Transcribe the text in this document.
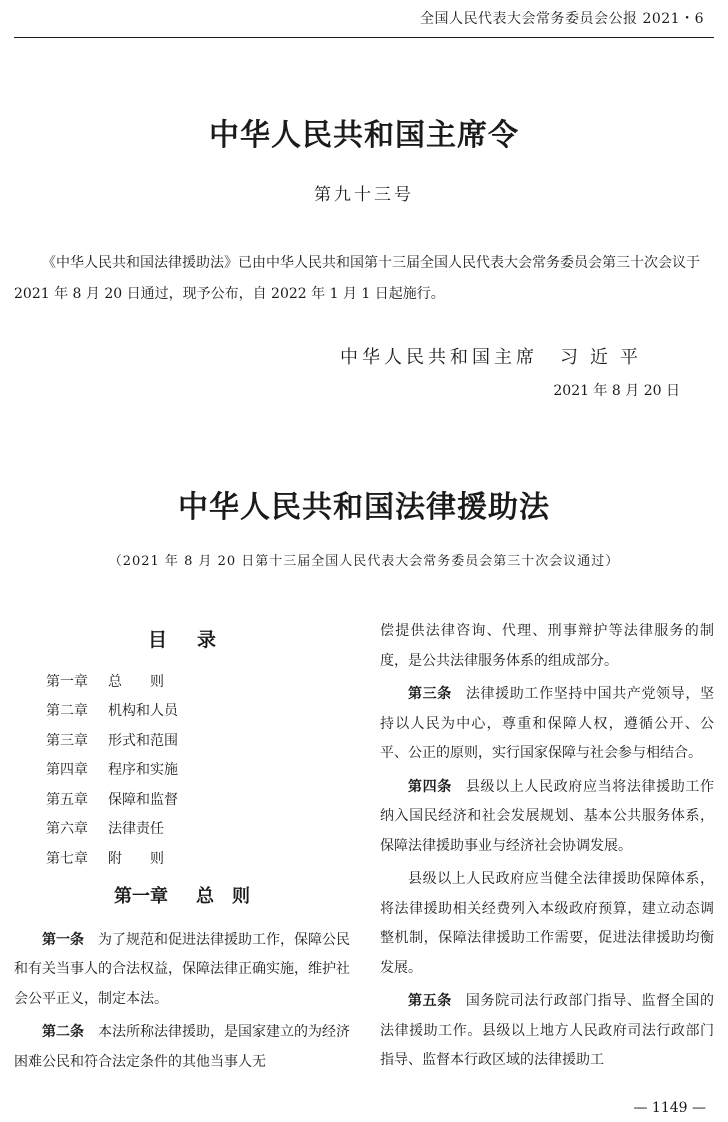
全国人民代表大会常务委员会公报 2021・6
中华人民共和国主席令
第九十三号

《中华人民共和国法律援助法》已由中华人民共和国第十三届全国人民代表大会常务委员会第三十次会议于 2021 年 8 月 20 日通过，现予公布，自 2022 年 1 月 1 日起施行。

中华人民共和国主席 习近平
2021 年 8 月 20 日
中华人民共和国法律援助法
（2021 年 8 月 20 日第十三届全国人民代表大会常务委员会第三十次会议通过）
目录
第一章	总　　则
第二章	机构和人员
第三章	形式和范围
第四章	程序和实施
第五章	保障和监督
第六章	法律责任
第七章	附　　则
第一章 总　则

第一条 为了规范和促进法律援助工作，保障公民和有关当事人的合法权益，保障法律正确实施，维护社会公平正义，制定本法。

第二条 本法所称法律援助，是国家建立的为经济困难公民和符合法定条件的其他当事人无

偿提供法律咨询、代理、刑事辩护等法律服务的制度，是公共法律服务体系的组成部分。

第三条 法律援助工作坚持中国共产党领导，坚持以人民为中心，尊重和保障人权，遵循公开、公平、公正的原则，实行国家保障与社会参与相结合。

第四条 县级以上人民政府应当将法律援助工作纳入国民经济和社会发展规划、基本公共服务体系，保障法律援助事业与经济社会协调发展。

县级以上人民政府应当健全法律援助保障体系，将法律援助相关经费列入本级政府预算，建立动态调整机制，保障法律援助工作需要，促进法律援助均衡发展。

第五条 国务院司法行政部门指导、监督全国的法律援助工作。县级以上地方人民政府司法行政部门指导、监督本行政区域的法律援助工

— 1149 —
